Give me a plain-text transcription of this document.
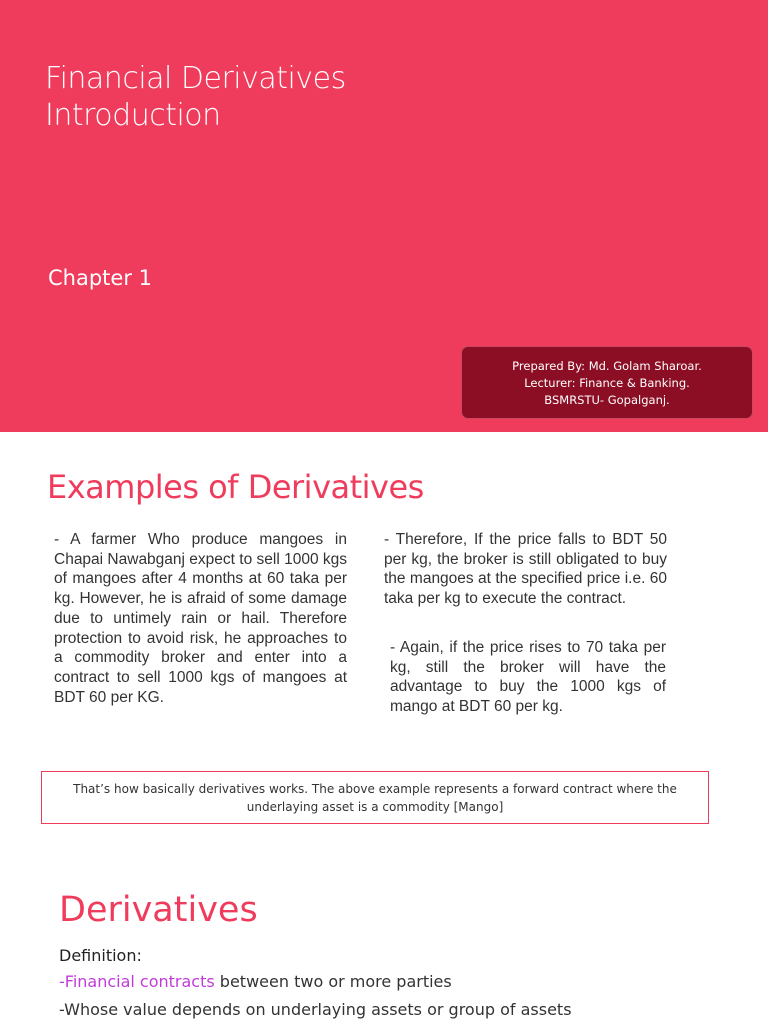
Financial Derivatives
Introduction
Chapter 1
Prepared By: Md. Golam Sharoar.
Lecturer: Finance & Banking.
BSMRSTU- Gopalganj.
Examples of Derivatives
- A farmer Who produce mangoes in Chapai Nawabganj expect to sell 1000 kgs of mangoes after 4 months at 60 taka per kg. However, he is afraid of some damage due to untimely rain or hail. Therefore protection to avoid risk, he approaches to a commodity broker and enter into a contract to sell 1000 kgs of mangoes at BDT 60 per KG.
- Therefore, If the price falls to BDT 50 per kg, the broker is still obligated to buy the mangoes at the specified price i.e. 60 taka per kg to execute the contract.
- Again, if the price rises to 70 taka per kg, still the broker will have the advantage to buy the 1000 kgs of mango at BDT 60 per kg.
That’s how basically derivatives works. The above example represents a forward contract where the underlaying asset is a commodity [Mango]
Derivatives
Definition:
-Financial contracts between two or more parties
-Whose value depends on underlaying assets or group of assets
